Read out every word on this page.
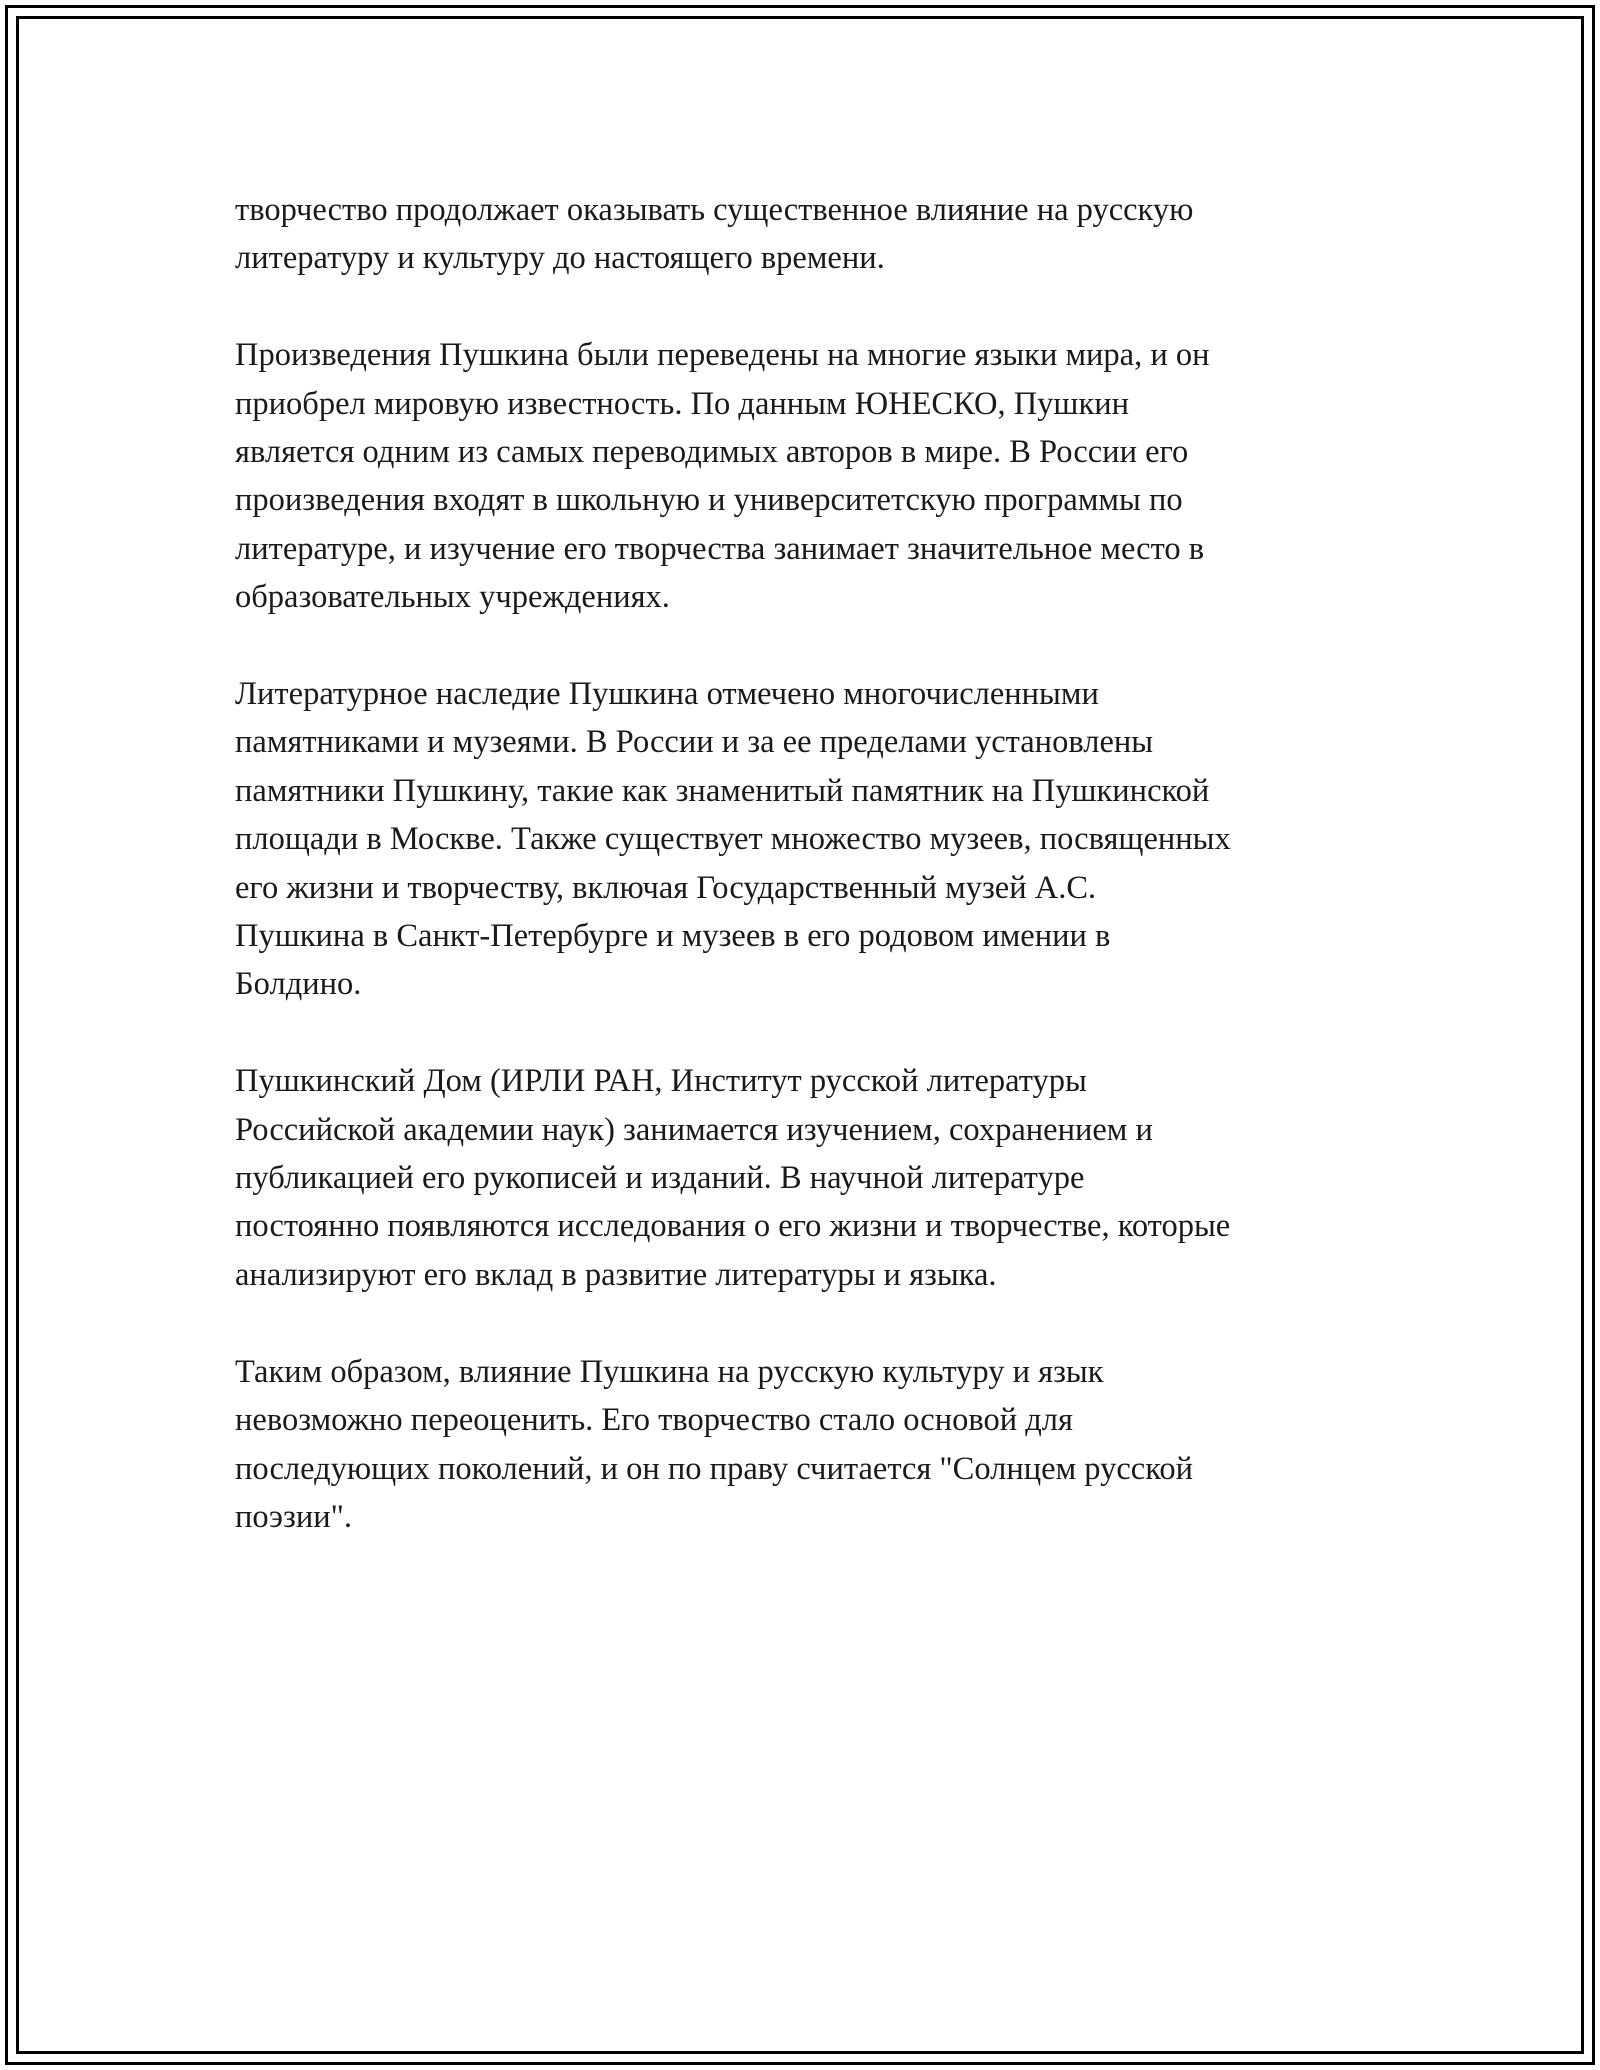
творчество продолжает оказывать существенное влияние на русскую
литературу и культуру до настоящего времени.

Произведения Пушкина были переведены на многие языки мира, и он
приобрел мировую известность. По данным ЮНЕСКО, Пушкин
является одним из самых переводимых авторов в мире. В России его
произведения входят в школьную и университетскую программы по
литературе, и изучение его творчества занимает значительное место в
образовательных учреждениях.

Литературное наследие Пушкина отмечено многочисленными
памятниками и музеями. В России и за ее пределами установлены
памятники Пушкину, такие как знаменитый памятник на Пушкинской
площади в Москве. Также существует множество музеев, посвященных
его жизни и творчеству, включая Государственный музей А.С.
Пушкина в Санкт-Петербурге и музеев в его родовом имении в
Болдино.

Пушкинский Дом (ИРЛИ РАН, Институт русской литературы
Российской академии наук) занимается изучением, сохранением и
публикацией его рукописей и изданий. В научной литературе
постоянно появляются исследования о его жизни и творчестве, которые
анализируют его вклад в развитие литературы и языка.

Таким образом, влияние Пушкина на русскую культуру и язык
невозможно переоценить. Его творчество стало основой для
последующих поколений, и он по праву считается "Солнцем русской
поэзии".
